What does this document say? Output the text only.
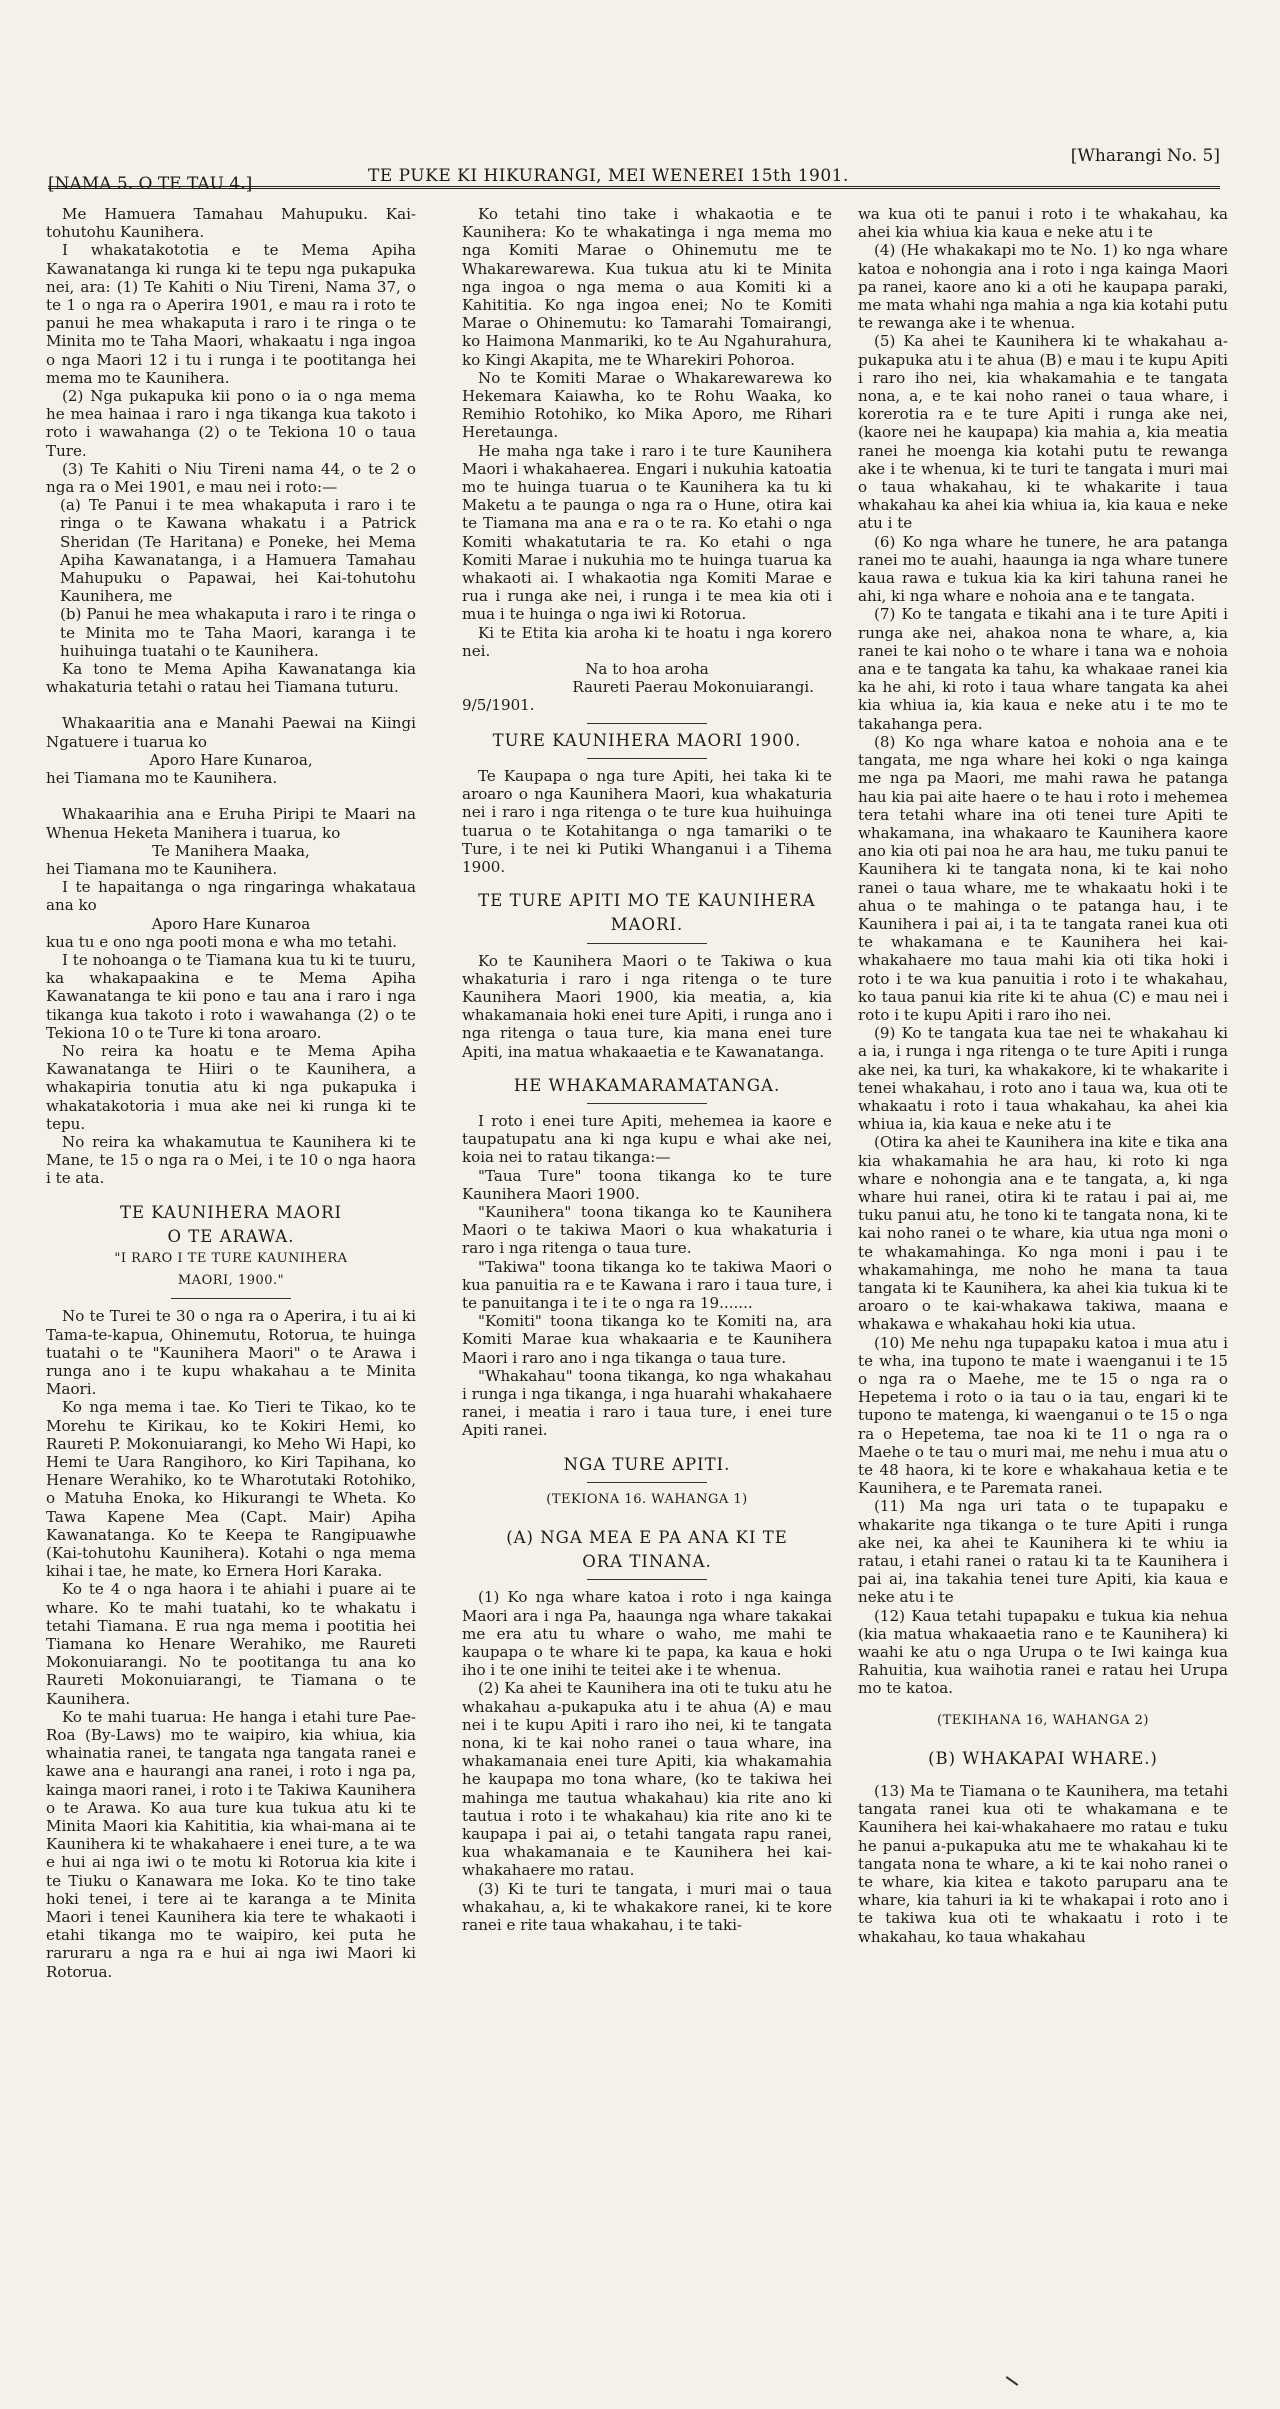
[NAMA 5. O TE TAU 4.]	TE PUKE KI HIKURANGI, MEI WENEREI 15th 1901.
[Wharangi No. 5]

Me Hamuera Tamahau Mahupuku. Kai-tohutohu Kaunihera.

I whakatakototia e te Mema Apiha Kawanatanga ki runga ki te tepu nga pukapuka nei, ara: (1) Te Kahiti o Niu Tireni, Nama 37, o te 1 o nga ra o Aperira 1901, e mau ra i roto te panui he mea whakaputa i raro i te ringa o te Minita mo te Taha Maori, whakaatu i nga ingoa o nga Maori 12 i tu i runga i te pootitanga hei mema mo te Kaunihera.

(2) Nga pukapuka kii pono o ia o nga mema he mea hainaa i raro i nga tikanga kua takoto i roto i wawahanga (2) o te Tekiona 10 o taua Ture.

(3) Te Kahiti o Niu Tireni nama 44, o te 2 o nga ra o Mei 1901, e mau nei i roto:—

(a) Te Panui i te mea whakaputa i raro i te ringa o te Kawana whakatu i a Patrick Sheridan (Te Haritana) e Poneke, hei Mema Apiha Kawanatanga, i a Hamuera Tamahau Mahupuku o Papawai, hei Kai-tohutohu Kaunihera, me

(b) Panui he mea whakaputa i raro i te ringa o te Minita mo te Taha Maori, karanga i te huihuinga tuatahi o te Kaunihera.

Ka tono te Mema Apiha Kawanatanga kia whakaturia tetahi o ratau hei Tiamana tuturu.

Whakaaritia ana e Manahi Paewai na Kiingi Ngatuere i tuarua ko

Aporo Hare Kunaroa,

hei Tiamana mo te Kaunihera.

Whakaarihia ana e Eruha Piripi te Maari na Whenua Heketa Manihera i tuarua, ko

Te Manihera Maaka,

hei Tiamana mo te Kaunihera.

I te hapaitanga o nga ringaringa whakataua ana ko

Aporo Hare Kunaroa

kua tu e ono nga pooti mona e wha mo tetahi.

I te nohoanga o te Tiamana kua tu ki te tuuru, ka whakapaakina e te Mema Apiha Kawanatanga te kii pono e tau ana i raro i nga tikanga kua takoto i roto i wawahanga (2) o te Tekiona 10 o te Ture ki tona aroaro.

No reira ka hoatu e te Mema Apiha Kawanatanga te Hiiri o te Kaunihera, a whakapiria tonutia atu ki nga pukapuka i whakatakotoria i mua ake nei ki runga ki te tepu.

No reira ka whakamutua te Kaunihera ki te Mane, te 15 o nga ra o Mei, i te 10 o nga haora i te ata.

TE KAUNIHERA MAORI
O TE ARAWA.
"I RARO I TE TURE KAUNIHERA
MAORI, 1900."

No te Turei te 30 o nga ra o Aperira, i tu ai ki Tama-te-kapua, Ohinemutu, Rotorua, te huinga tuatahi o te "Kaunihera Maori" o te Arawa i runga ano i te kupu whakahau a te Minita Maori.

Ko nga mema i tae. Ko Tieri te Tikao, ko te Morehu te Kirikau, ko te Kokiri Hemi, ko Raureti P. Mokonuiarangi, ko Meho Wi Hapi, ko Hemi te Uara Rangihoro, ko Kiri Tapihana, ko Henare Werahiko, ko te Wharotutaki Rotohiko, o Matuha Enoka, ko Hikurangi te Wheta. Ko Tawa Kapene Mea (Capt. Mair) Apiha Kawanatanga. Ko te Keepa te Rangipuawhe (Kai-tohutohu Kaunihera). Kotahi o nga mema kihai i tae, he mate, ko Ernera Hori Karaka.

Ko te 4 o nga haora i te ahiahi i puare ai te whare. Ko te mahi tuatahi, ko te whakatu i tetahi Tiamana. E rua nga mema i pootitia hei Tiamana ko Henare Werahiko, me Raureti Mokonuiarangi. No te pootitanga tu ana ko Raureti Mokonuiarangi, te Tiamana o te Kaunihera.

Ko te mahi tuarua: He hanga i etahi ture Pae-Roa (By-Laws) mo te waipiro, kia whiua, kia whainatia ranei, te tangata nga tangata ranei e kawe ana e haurangi ana ranei, i roto i nga pa, kainga maori ranei, i roto i te Takiwa Kaunihera o te Arawa. Ko aua ture kua tukua atu ki te Minita Maori kia Kahititia, kia whai-mana ai te Kaunihera ki te whakahaere i enei ture, a te wa e hui ai nga iwi o te motu ki Rotorua kia kite i te Tiuku o Kanawara me Ioka. Ko te tino take hoki tenei, i tere ai te karanga a te Minita Maori i tenei Kaunihera kia tere te whakaoti i etahi tikanga mo te waipiro, kei puta he raruraru a nga ra e hui ai nga iwi Maori ki Rotorua.

Ko tetahi tino take i whakaotia e te Kaunihera: Ko te whakatinga i nga mema mo nga Komiti Marae o Ohinemutu me te Whakarewarewa. Kua tukua atu ki te Minita nga ingoa o nga mema o aua Komiti ki a Kahititia. Ko nga ingoa enei; No te Komiti Marae o Ohinemutu: ko Tamarahi Tomairangi, ko Haimona Manmariki, ko te Au Ngahurahura, ko Kingi Akapita, me te Wharekiri Pohoroa.

No te Komiti Marae o Whakarewarewa ko Hekemara Kaiawha, ko te Rohu Waaka, ko Remihio Rotohiko, ko Mika Aporo, me Rihari Heretaunga.

He maha nga take i raro i te ture Kaunihera Maori i whakahaerea. Engari i nukuhia katoatia mo te huinga tuarua o te Kaunihera ka tu ki Maketu a te paunga o nga ra o Hune, otira kai te Tiamana ma ana e ra o te ra. Ko etahi o nga Komiti whakatutaria te ra. Ko etahi o nga Komiti Marae i nukuhia mo te huinga tuarua ka whakaoti ai. I whakaotia nga Komiti Marae e rua i runga ake nei, i runga i te mea kia oti i mua i te huinga o nga iwi ki Rotorua.

Ki te Etita kia aroha ki te hoatu i nga korero nei.

Na to hoa aroha

Raureti Paerau Mokonuiarangi.

9/5/1901.

TURE KAUNIHERA MAORI 1900.

Te Kaupapa o nga ture Apiti, hei taka ki te aroaro o nga Kaunihera Maori, kua whakaturia nei i raro i nga ritenga o te ture kua huihuinga tuarua o te Kotahitanga o nga tamariki o te Ture, i te nei ki Putiki Whanganui i a Tihema 1900.

TE TURE APITI MO TE KAUNIHERA
MAORI.

Ko te Kaunihera Maori o te Takiwa o kua whakaturia i raro i nga ritenga o te ture Kaunihera Maori 1900, kia meatia, a, kia whakamanaia hoki enei ture Apiti, i runga ano i nga ritenga o taua ture, kia mana enei ture Apiti, ina matua whakaaetia e te Kawanatanga.

HE WHAKAMARAMATANGA.

I roto i enei ture Apiti, mehemea ia kaore e taupatupatu ana ki nga kupu e whai ake nei, koia nei to ratau tikanga:—

"Taua Ture" toona tikanga ko te ture Kaunihera Maori 1900.

"Kaunihera" toona tikanga ko te Kaunihera Maori o te takiwa Maori o kua whakaturia i raro i nga ritenga o taua ture.

"Takiwa" toona tikanga ko te takiwa Maori o kua panuitia ra e te Kawana i raro i taua ture, i te panuitanga i te i te o nga ra 19.......

"Komiti" toona tikanga ko te Komiti na, ara Komiti Marae kua whakaaria e te Kaunihera Maori i raro ano i nga tikanga o taua ture.

"Whakahau" toona tikanga, ko nga whakahau i runga i nga tikanga, i nga huarahi whakahaere ranei, i meatia i raro i taua ture, i enei ture Apiti ranei.

NGA TURE APITI.
(TEKIONA 16. WAHANGA 1)
(A) NGA MEA E PA ANA KI TE
ORA TINANA.

(1) Ko nga whare katoa i roto i nga kainga Maori ara i nga Pa, haaunga nga whare takakai me era atu tu whare o waho, me mahi te kaupapa o te whare ki te papa, ka kaua e hoki iho i te one inihi te teitei ake i te whenua.

(2) Ka ahei te Kaunihera ina oti te tuku atu he whakahau a-pukapuka atu i te ahua (A) e mau nei i te kupu Apiti i raro iho nei, ki te tangata nona, ki te kai noho ranei o taua whare, ina whakamanaia enei ture Apiti, kia whakamahia he kaupapa mo tona whare, (ko te takiwa hei mahinga me tautua whakahau) kia rite ano ki tautua i roto i te whakahau) kia rite ano ki te kaupapa i pai ai, o tetahi tangata rapu ranei, kua whakamanaia e te Kaunihera hei kai-whakahaere mo ratau.

(3) Ki te turi te tangata, i muri mai o taua whakahau, a, ki te whakakore ranei, ki te kore ranei e rite taua whakahau, i te taki-

wa kua oti te panui i roto i te whakahau, ka ahei kia whiua kia kaua e neke atu i te

(4) (He whakakapi mo te No. 1) ko nga whare katoa e nohongia ana i roto i nga kainga Maori pa ranei, kaore ano ki a oti he kaupapa paraki, me mata whahi nga mahia a nga kia kotahi putu te rewanga ake i te whenua.

(5) Ka ahei te Kaunihera ki te whakahau a-pukapuka atu i te ahua (B) e mau i te kupu Apiti i raro iho nei, kia whakamahia e te tangata nona, a, e te kai noho ranei o taua whare, i korerotia ra e te ture Apiti i runga ake nei, (kaore nei he kaupapa) kia mahia a, kia meatia ranei he moenga kia kotahi putu te rewanga ake i te whenua, ki te turi te tangata i muri mai o taua whakahau, ki te whakarite i taua whakahau ka ahei kia whiua ia, kia kaua e neke atu i te

(6) Ko nga whare he tunere, he ara patanga ranei mo te auahi, haaunga ia nga whare tunere kaua rawa e tukua kia ka kiri tahuna ranei he ahi, ki nga whare e nohoia ana e te tangata.

(7) Ko te tangata e tikahi ana i te ture Apiti i runga ake nei, ahakoa nona te whare, a, kia ranei te kai noho o te whare i tana wa e nohoia ana e te tangata ka tahu, ka whakaae ranei kia ka he ahi, ki roto i taua whare tangata ka ahei kia whiua ia, kia kaua e neke atu i te mo te takahanga pera.

(8) Ko nga whare katoa e nohoia ana e te tangata, me nga whare hei koki o nga kainga me nga pa Maori, me mahi rawa he patanga hau kia pai aite haere o te hau i roto i mehemea tera tetahi whare ina oti tenei ture Apiti te whakamana, ina whakaaro te Kaunihera kaore ano kia oti pai noa he ara hau, me tuku panui te Kaunihera ki te tangata nona, ki te kai noho ranei o taua whare, me te whakaatu hoki i te ahua o te mahinga o te patanga hau, i te Kaunihera i pai ai, i ta te tangata ranei kua oti te whakamana e te Kaunihera hei kai-whakahaere mo taua mahi kia oti tika hoki i roto i te wa kua panuitia i roto i te whakahau, ko taua panui kia rite ki te ahua (C) e mau nei i roto i te kupu Apiti i raro iho nei.

(9) Ko te tangata kua tae nei te whakahau ki a ia, i runga i nga ritenga o te ture Apiti i runga ake nei, ka turi, ka whakakore, ki te whakarite i tenei whakahau, i roto ano i taua wa, kua oti te whakaatu i roto i taua whakahau, ka ahei kia whiua ia, kia kaua e neke atu i te

(Otira ka ahei te Kaunihera ina kite e tika ana kia whakamahia he ara hau, ki roto ki nga whare e nohongia ana e te tangata, a, ki nga whare hui ranei, otira ki te ratau i pai ai, me tuku panui atu, he tono ki te tangata nona, ki te kai noho ranei o te whare, kia utua nga moni o te whakamahinga. Ko nga moni i pau i te whakamahinga, me noho he mana ta taua tangata ki te Kaunihera, ka ahei kia tukua ki te aroaro o te kai-whakawa takiwa, maana e whakawa e whakahau hoki kia utua.

(10) Me nehu nga tupapaku katoa i mua atu i te wha, ina tupono te mate i waenganui i te 15 o nga ra o Maehe, me te 15 o nga ra o Hepetema i roto o ia tau o ia tau, engari ki te tupono te matenga, ki waenganui o te 15 o nga ra o Hepetema, tae noa ki te 11 o nga ra o Maehe o te tau o muri mai, me nehu i mua atu o te 48 haora, ki te kore e whakahaua ketia e te Kaunihera, e te Paremata ranei.

(11) Ma nga uri tata o te tupapaku e whakarite nga tikanga o te ture Apiti i runga ake nei, ka ahei te Kaunihera ki te whiu ia ratau, i etahi ranei o ratau ki ta te Kaunihera i pai ai, ina takahia tenei ture Apiti, kia kaua e neke atu i te

(12) Kaua tetahi tupapaku e tukua kia nehua (kia matua whakaaetia rano e te Kaunihera) ki waahi ke atu o nga Urupa o te Iwi kainga kua Rahuitia, kua waihotia ranei e ratau hei Urupa mo te katoa.

(TEKIHANA 16, WAHANGA 2)
(B) WHAKAPAI WHARE.)

(13) Ma te Tiamana o te Kaunihera, ma tetahi tangata ranei kua oti te whakamana e te Kaunihera hei kai-whakahaere mo ratau e tuku he panui a-pukapuka atu me te whakahau ki te tangata nona te whare, a ki te kai noho ranei o te whare, kia kitea e takoto paruparu ana te whare, kia tahuri ia ki te whakapai i roto ano i te takiwa kua oti te whakaatu i roto i te whakahau, ko taua whakahau
